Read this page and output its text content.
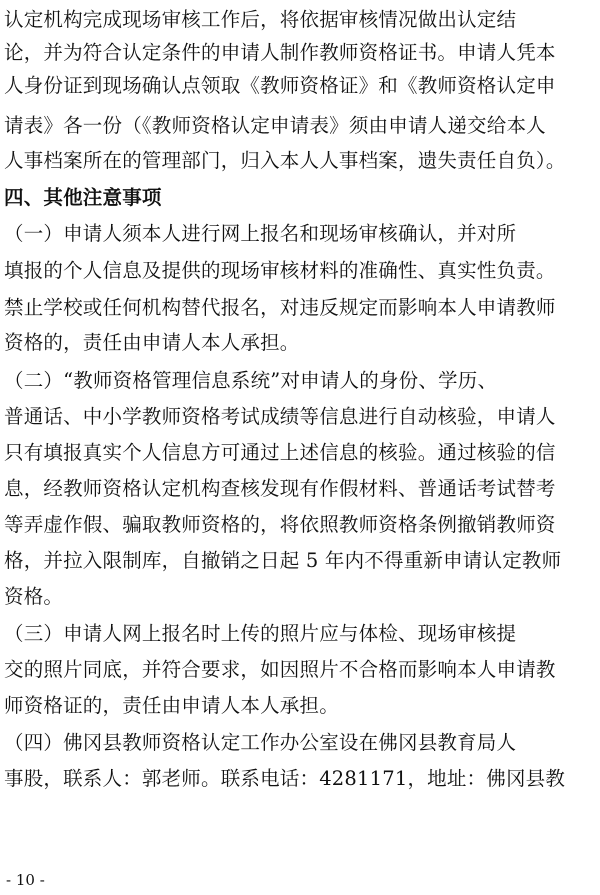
认定机构完成现场审核工作后，将依据审核情况做出认定结
论，并为符合认定条件的申请人制作教师资格证书。申请人凭本
人身份证到现场确认点领取《教师资格证》和《教师资格认定申
请表》各一份（《教师资格认定申请表》须由申请人递交给本人
人事档案所在的管理部门，归入本人人事档案，遗失责任自负）。
四、其他注意事项
（一）申请人须本人进行网上报名和现场审核确认，并对所
填报的个人信息及提供的现场审核材料的准确性、真实性负责。
禁止学校或任何机构替代报名，对违反规定而影响本人申请教师
资格的，责任由申请人本人承担。
（二）“教师资格管理信息系统”对申请人的身份、学历、
普通话、中小学教师资格考试成绩等信息进行自动核验，申请人
只有填报真实个人信息方可通过上述信息的核验。通过核验的信
息，经教师资格认定机构查核发现有作假材料、普通话考试替考
等弄虚作假、骗取教师资格的，将依照教师资格条例撤销教师资
格，并拉入限制库，自撤销之日起 5 年内不得重新申请认定教师
资格。
（三）申请人网上报名时上传的照片应与体检、现场审核提
交的照片同底，并符合要求，如因照片不合格而影响本人申请教
师资格证的，责任由申请人本人承担。
（四）佛冈县教师资格认定工作办公室设在佛冈县教育局人
事股，联系人：郭老师。联系电话：4281171，地址：佛冈县教
- 10 -
